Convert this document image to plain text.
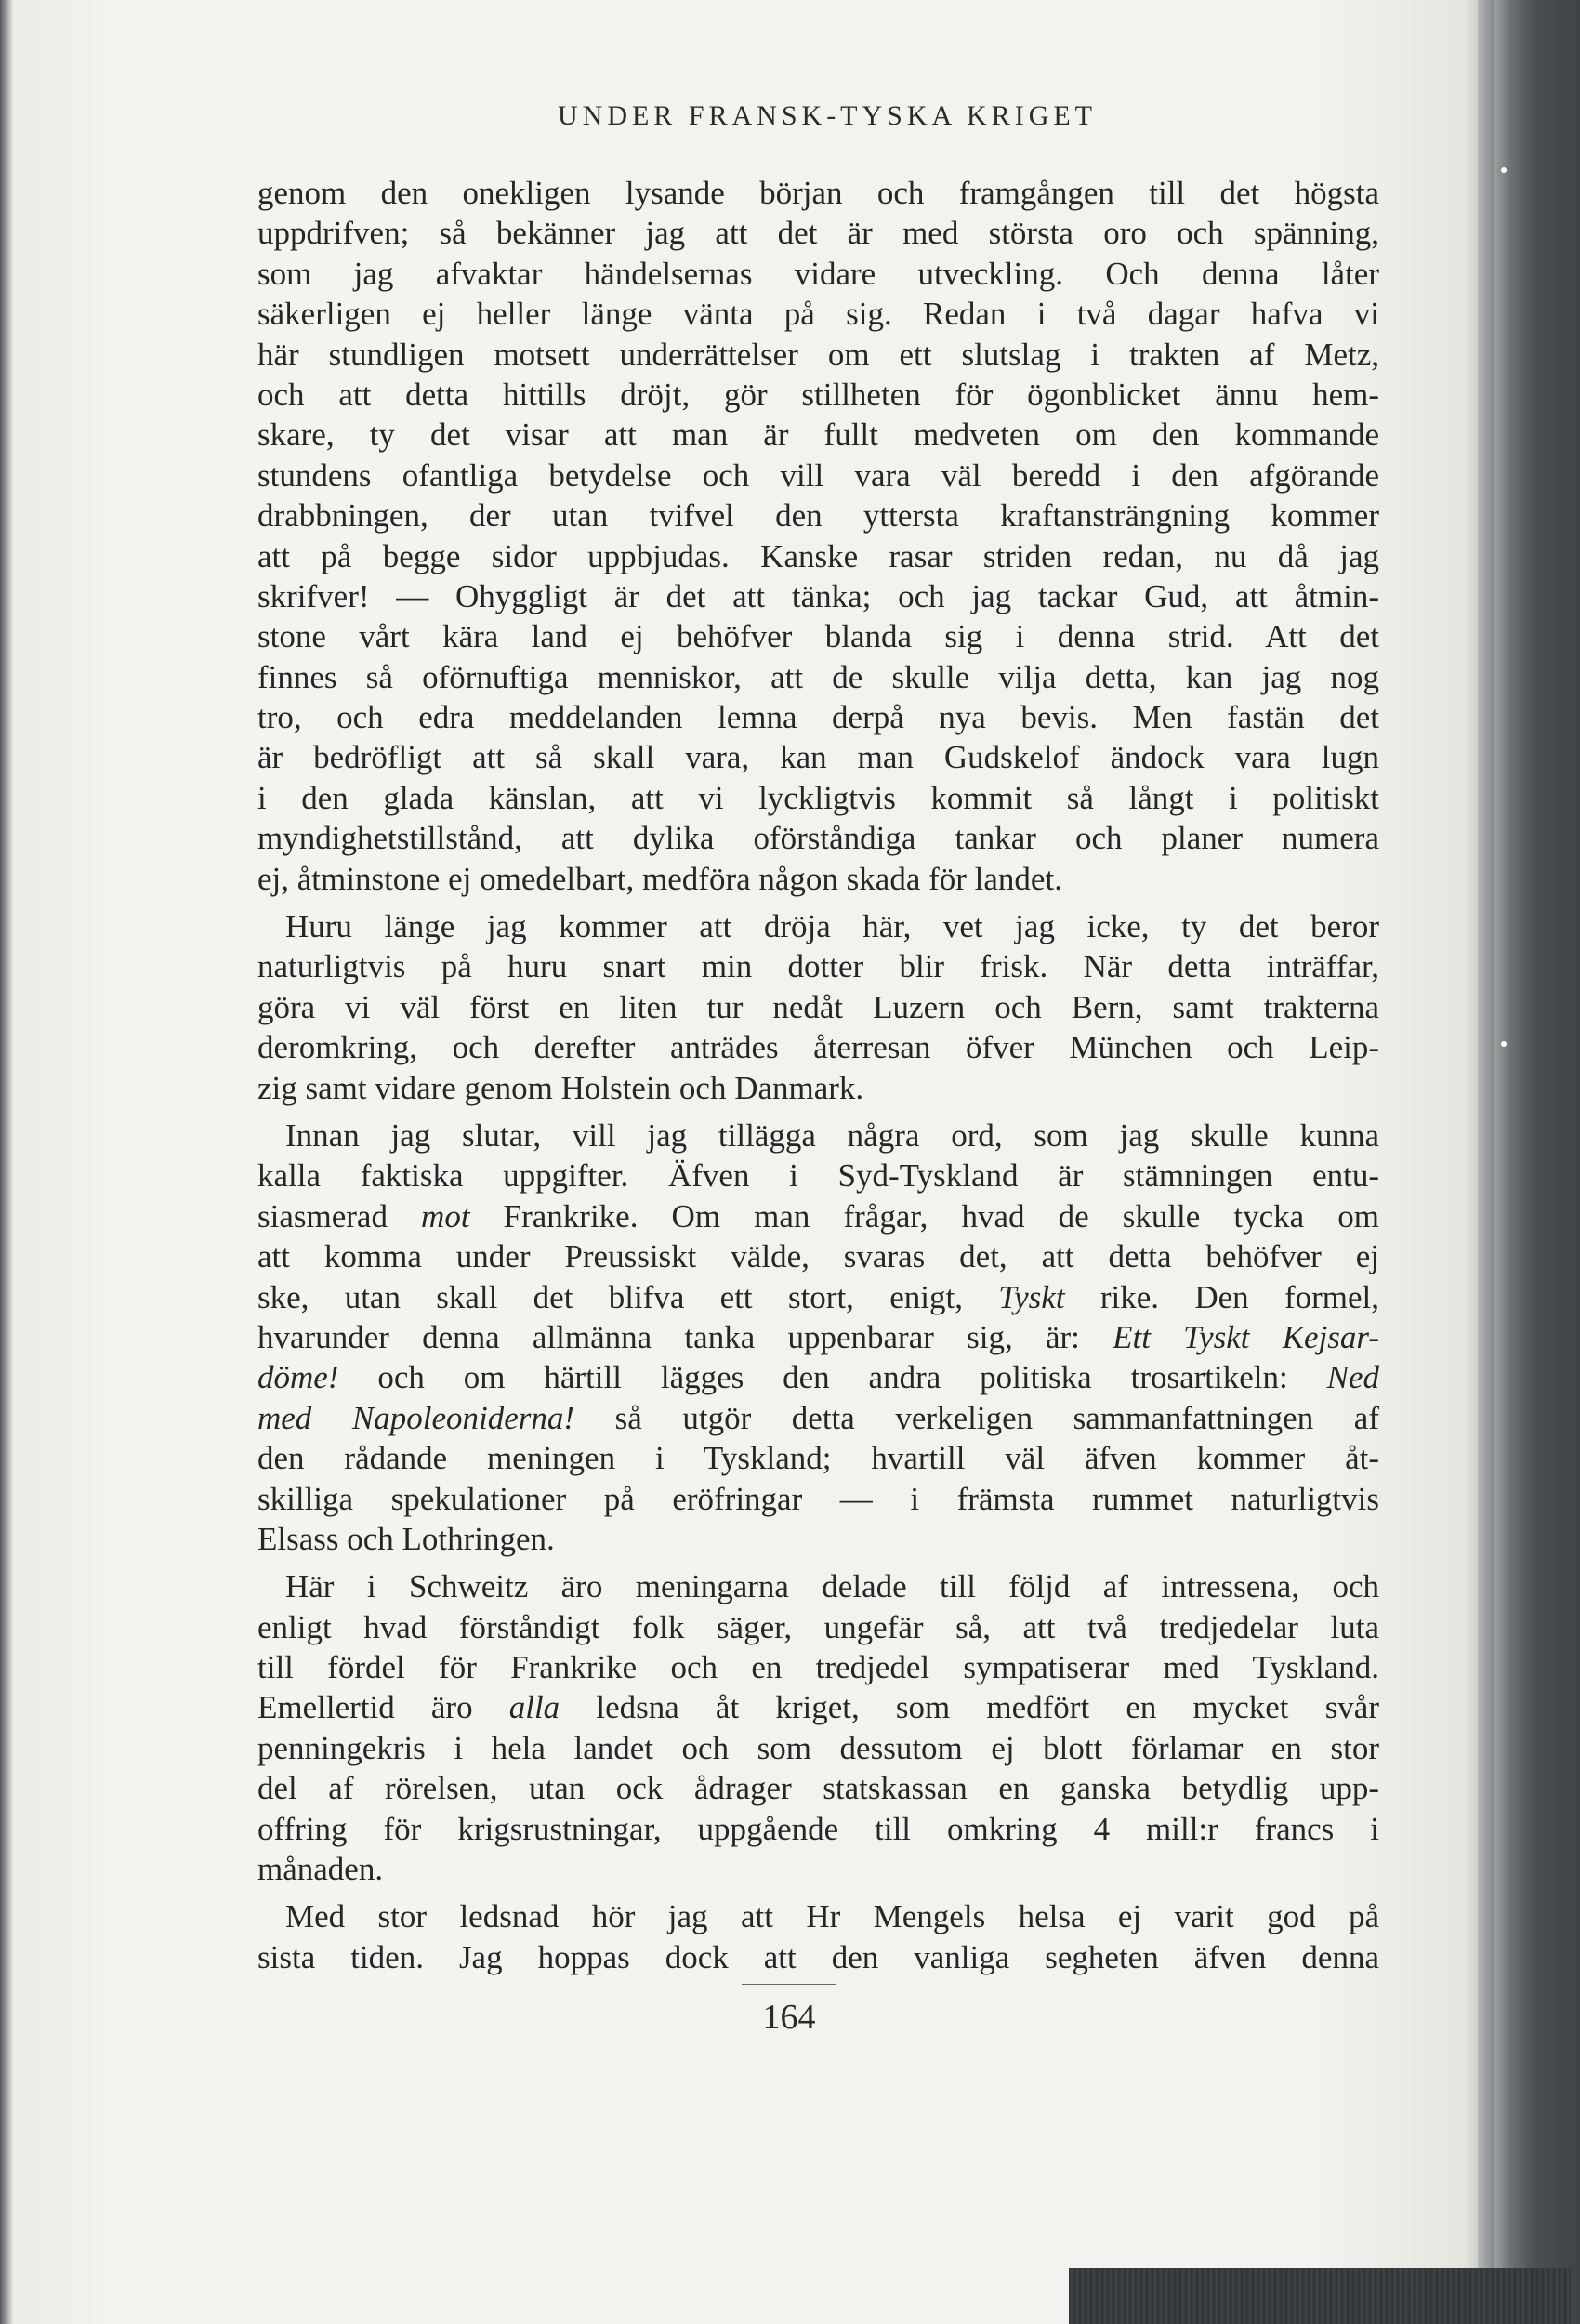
UNDER FRANSK-TYSKA KRIGET
genom den onekligen lysande början och framgången till det högsta
uppdrifven; så bekänner jag att det är med största oro och spänning,
som jag afvaktar händelsernas vidare utveckling. Och denna låter
säkerligen ej heller länge vänta på sig. Redan i två dagar hafva vi
här stundligen motsett underrättelser om ett slutslag i trakten af Metz,
och att detta hittills dröjt, gör stillheten för ögonblicket ännu hem-
skare, ty det visar att man är fullt medveten om den kommande
stundens ofantliga betydelse och vill vara väl beredd i den afgörande
drabbningen, der utan tvifvel den yttersta kraftansträngning kommer
att på begge sidor uppbjudas. Kanske rasar striden redan, nu då jag
skrifver! — Ohyggligt är det att tänka; och jag tackar Gud, att åtmin-
stone vårt kära land ej behöfver blanda sig i denna strid. Att det
finnes så oförnuftiga menniskor, att de skulle vilja detta, kan jag nog
tro, och edra meddelanden lemna derpå nya bevis. Men fastän det
är bedröfligt att så skall vara, kan man Gudskelof ändock vara lugn
i den glada känslan, att vi lyckligtvis kommit så långt i politiskt
myndighetstillstånd, att dylika oförståndiga tankar och planer numera
ej, åtminstone ej omedelbart, medföra någon skada för landet.
Huru länge jag kommer att dröja här, vet jag icke, ty det beror
naturligtvis på huru snart min dotter blir frisk. När detta inträffar,
göra vi väl först en liten tur nedåt Luzern och Bern, samt trakterna
deromkring, och derefter anträdes återresan öfver München och Leip-
zig samt vidare genom Holstein och Danmark.
Innan jag slutar, vill jag tillägga några ord, som jag skulle kunna
kalla faktiska uppgifter. Äfven i Syd-Tyskland är stämningen entu-
siasmerad mot Frankrike. Om man frågar, hvad de skulle tycka om
att komma under Preussiskt välde, svaras det, att detta behöfver ej
ske, utan skall det blifva ett stort, enigt, Tyskt rike. Den formel,
hvarunder denna allmänna tanka uppenbarar sig, är: Ett Tyskt Kejsar-
döme! och om härtill lägges den andra politiska trosartikeln: Ned
med Napoleoniderna! så utgör detta verkeligen sammanfattningen af
den rådande meningen i Tyskland; hvartill väl äfven kommer åt-
skilliga spekulationer på eröfringar — i främsta rummet naturligtvis
Elsass och Lothringen.
Här i Schweitz äro meningarna delade till följd af intressena, och
enligt hvad förståndigt folk säger, ungefär så, att två tredjedelar luta
till fördel för Frankrike och en tredjedel sympatiserar med Tyskland.
Emellertid äro alla ledsna åt kriget, som medfört en mycket svår
penningekris i hela landet och som dessutom ej blott förlamar en stor
del af rörelsen, utan ock ådrager statskassan en ganska betydlig upp-
offring för krigsrustningar, uppgående till omkring 4 mill:r francs i
månaden.
Med stor ledsnad hör jag att Hr Mengels helsa ej varit god på
sista tiden. Jag hoppas dock att den vanliga segheten äfven denna
164
